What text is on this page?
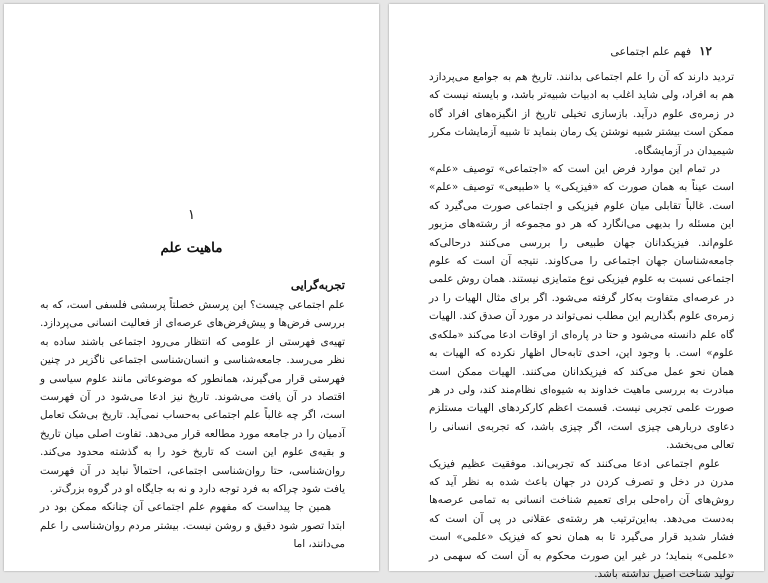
۱
ماهیت علم
تجربه‌گرایی

علم اجتماعی چیست؟ این پرسش خصلتاً پرسشی فلسفی است، که به بررسی فرض‌ها و پیش‌فرض‌های عرصه‌ای از فعالیت انسانی می‌پردازد. تهیه‌ی فهرستی از علومی که انتظار می‌رود اجتماعی باشند ساده به نظر می‌رسد. جامعه‌شناسی و انسان‌شناسی اجتماعی ناگزیر در چنین فهرستی قرار می‌گیرند، همانطور که موضوعاتی مانند علوم سیاسی و اقتصاد در آن یافت می‌شوند. تاریخ نیز ادعا می‌شود در آن فهرست است، اگر چه غالباً علم اجتماعی به‌حساب نمی‌آید. تاریخ بی‌شک تعامل آدمیان را در جامعه مورد مطالعه قرار می‌دهد. تفاوت اصلی میان تاریخ و بقیه‌ی علوم این است که تاریخ خود را به گذشته محدود می‌کند. روان‌شناسی، حتا روان‌شناسی اجتماعی، احتمالاً نباید در آن فهرست یافت شود چراکه به فرد توجه دارد و نه به جایگاه او در گروه بزرگ‌تر.

همین جا پیداست که مفهوم علم اجتماعی آن چنانکه ممکن بود در ابتدا تصور شود دقیق و روشن نیست. بیشتر مردم روان‌شناسی را علم می‌دانند، اما

۱۲
فهم علم اجتماعی

تردید دارند که آن را علم اجتماعی بدانند. تاریخ هم به جوامع می‌پردازد هم به افراد، ولی شاید اغلب به ادبیات شبیه‌تر باشد، و بایسته نیست که در زمره‌ی علوم درآید. بازسازی تخیلی تاریخ از انگیزه‌های افراد گاه ممکن است بیشتر شبیه نوشتن یک رمان بنماید تا شبیه آزمایشات مکرر شیمیدان در آزمایشگاه.

در تمام این موارد فرض این است که «اجتماعی» توصیف «علم» است عیناً به همان صورت که «فیزیکی» یا «طبیعی» توصیف «علم» است. غالباً تقابلی میان علوم فیزیکی و اجتماعی صورت می‌گیرد که این مسئله را بدیهی می‌انگارد که هر دو مجموعه از رشته‌های مزبور علوم‌اند. فیزیکدانان جهان طبیعی را بررسی می‌کنند درحالی‌که جامعه‌شناسان جهان اجتماعی را می‌کاوند. نتیجه آن است که علوم اجتماعی نسبت به علوم فیزیکی نوع متمایزی نیستند. همان روش علمی در عرصه‌ای متفاوت به‌کار گرفته می‌شود. اگر برای مثال الهیات را در زمره‌ی علوم بگذاریم این مطلب نمی‌تواند در مورد آن صدق کند. الهیات گاه علم دانسته می‌شود و حتا در پاره‌ای از اوقات ادعا می‌کند «ملکه‌ی علوم» است. با وجود این، احدی تابه‌حال اظهار نکرده که الهیات به همان نحو عمل می‌کند که فیزیکدانان می‌کنند. الهیات ممکن است مبادرت به بررسی ماهیت خداوند به شیوه‌ای نظام‌مند کند، ولی در هر صورت علمی تجربی نیست. قسمت اعظم کارکردهای الهیات مستلزم دعاوی دربار‌هی چیزی است، اگر چیزی باشد، که تجربه‌ی انسانی را تعالی می‌بخشد.

علوم اجتماعی ادعا می‌کنند که تجربی‌اند. موفقیت عظیم فیزیک مدرن در دخل و تصرف کردن در جهان باعث شده به نظر آید که روش‌های آن راه‌حلی برای تعمیم شناخت انسانی به تمامی عرصه‌ها به‌دست می‌دهد. به‌این‌ترتیب هر رشته‌ی عقلانی در پی آن است که فشار شدید قرار می‌گیرد تا به همان نحو که فیزیک «علمی» است «علمی» بنماید؛ در غیر این صورت محکوم به آن است که سهمی در تولید شناخت اصیل نداشته باشد.
